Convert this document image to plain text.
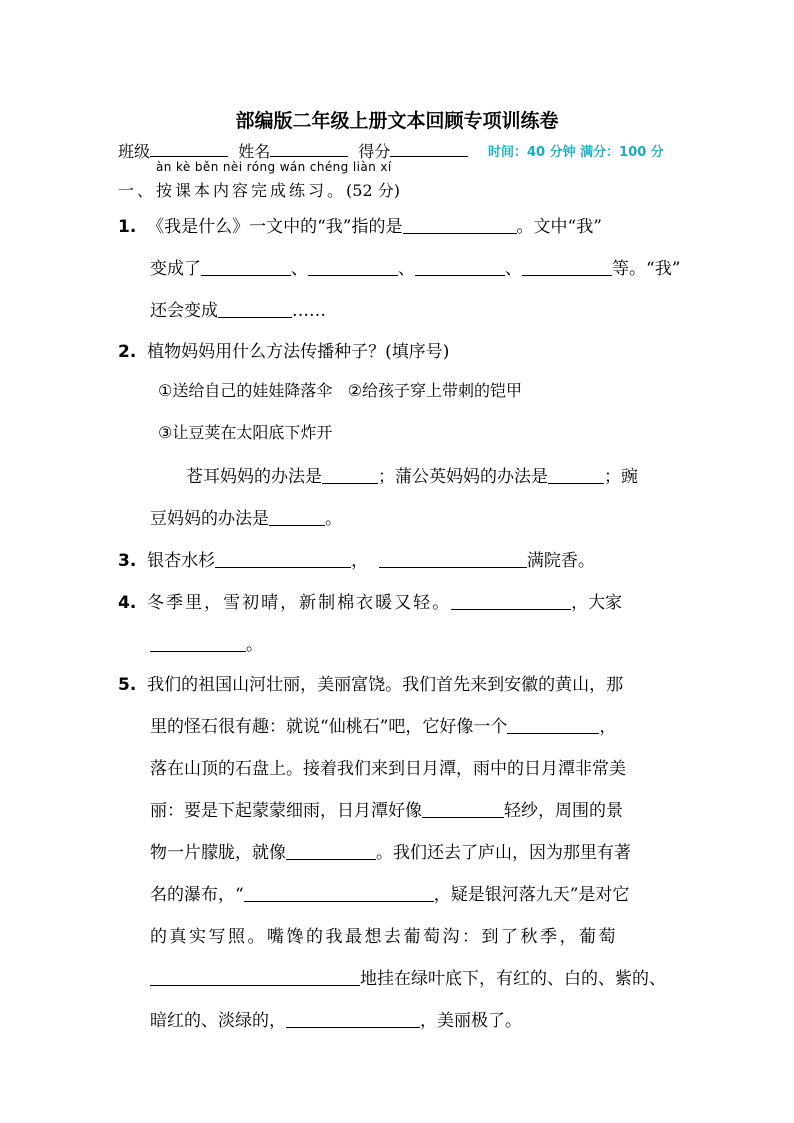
部编版二年级上册文本回顾专项训练卷
班级	姓名	得分	时间：40 分钟 满分：100 分
àn kè běn nèi róng wán chéng liàn xí
一、按课本内容完成练习。(52 分)
1. 《我是什么》一文中的“我”指的是	。文中“我”
变成了	、	、	、	等。“我”
还会变成	……
2. 植物妈妈用什么方法传播种子？(填序号)
①送给自己的娃娃降落伞 ②给孩子穿上带刺的铠甲
③让豆荚在太阳底下炸开
苍耳妈妈的办法是	；蒲公英妈妈的办法是	；豌
豆妈妈的办法是	。
3. 银杏水杉	，	满院香。
4. 冬季里，雪初晴，新制棉衣暖又轻。	，大家
。
5. 我们的祖国山河壮丽，美丽富饶。我们首先来到安徽的黄山，那
里的怪石很有趣：就说“仙桃石”吧，它好像一个	，
落在山顶的石盘上。接着我们来到日月潭，雨中的日月潭非常美
丽：要是下起蒙蒙细雨，日月潭好像	轻纱，周围的景
物一片朦胧，就像	。我们还去了庐山，因为那里有著
名的瀑布，“	，疑是银河落九天”是对它
的真实写照。嘴馋的我最想去葡萄沟：到了秋季，葡萄
地挂在绿叶底下，有红的、白的、紫的、
暗红的、淡绿的，	，美丽极了。
